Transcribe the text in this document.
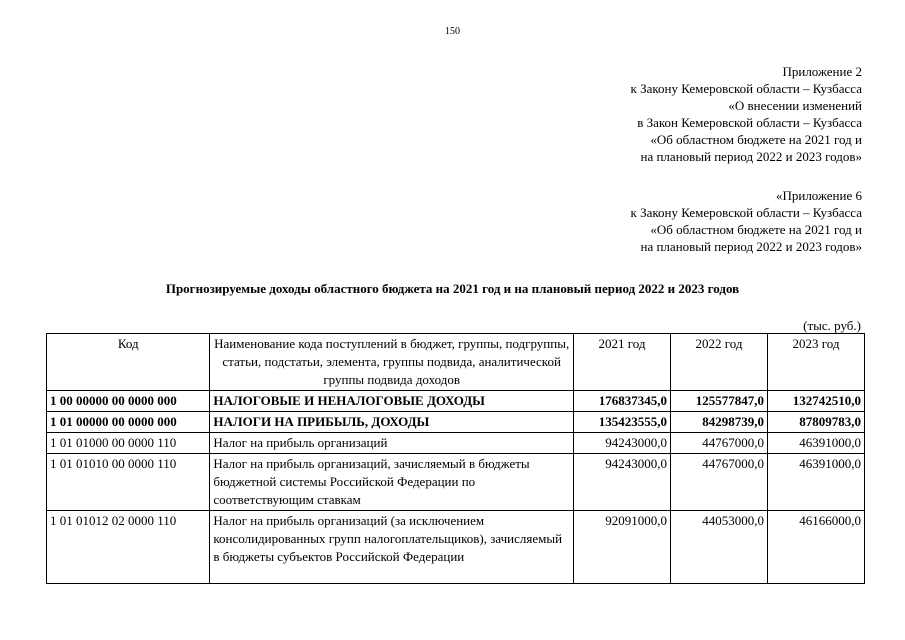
150
Приложение 2
к Закону Кемеровской области – Кузбасса
«О внесении изменений
в Закон Кемеровской области – Кузбасса
«Об областном бюджете на 2021 год и
на плановый период 2022 и 2023 годов»
«Приложение 6
к Закону Кемеровской области – Кузбасса
«Об областном бюджете на 2021 год и
на плановый период 2022 и 2023 годов»
Прогнозируемые доходы областного бюджета на 2021 год и на плановый период 2022 и 2023 годов
(тыс. руб.)
Код	Наименование кода поступлений в бюджет, группы, подгруппы, статьи, подстатьи, элемента, группы подвида, аналитической группы подвида доходов	2021 год	2022 год	2023 год
1 00 00000 00 0000 000	НАЛОГОВЫЕ И НЕНАЛОГОВЫЕ ДОХОДЫ	176837345,0	125577847,0	132742510,0
1 01 00000 00 0000 000	НАЛОГИ НА ПРИБЫЛЬ, ДОХОДЫ	135423555,0	84298739,0	87809783,0
1 01 01000 00 0000 110	Налог на прибыль организаций	94243000,0	44767000,0	46391000,0
1 01 01010 00 0000 110	Налог на прибыль организаций, зачисляемый в бюджеты бюджетной системы Российской Федерации по соответствующим ставкам	94243000,0	44767000,0	46391000,0
1 01 01012 02 0000 110	Налог на прибыль организаций (за исключением консолидированных групп налогоплательщиков), зачисляемый в бюджеты субъектов Российской Федерации	92091000,0	44053000,0	46166000,0
